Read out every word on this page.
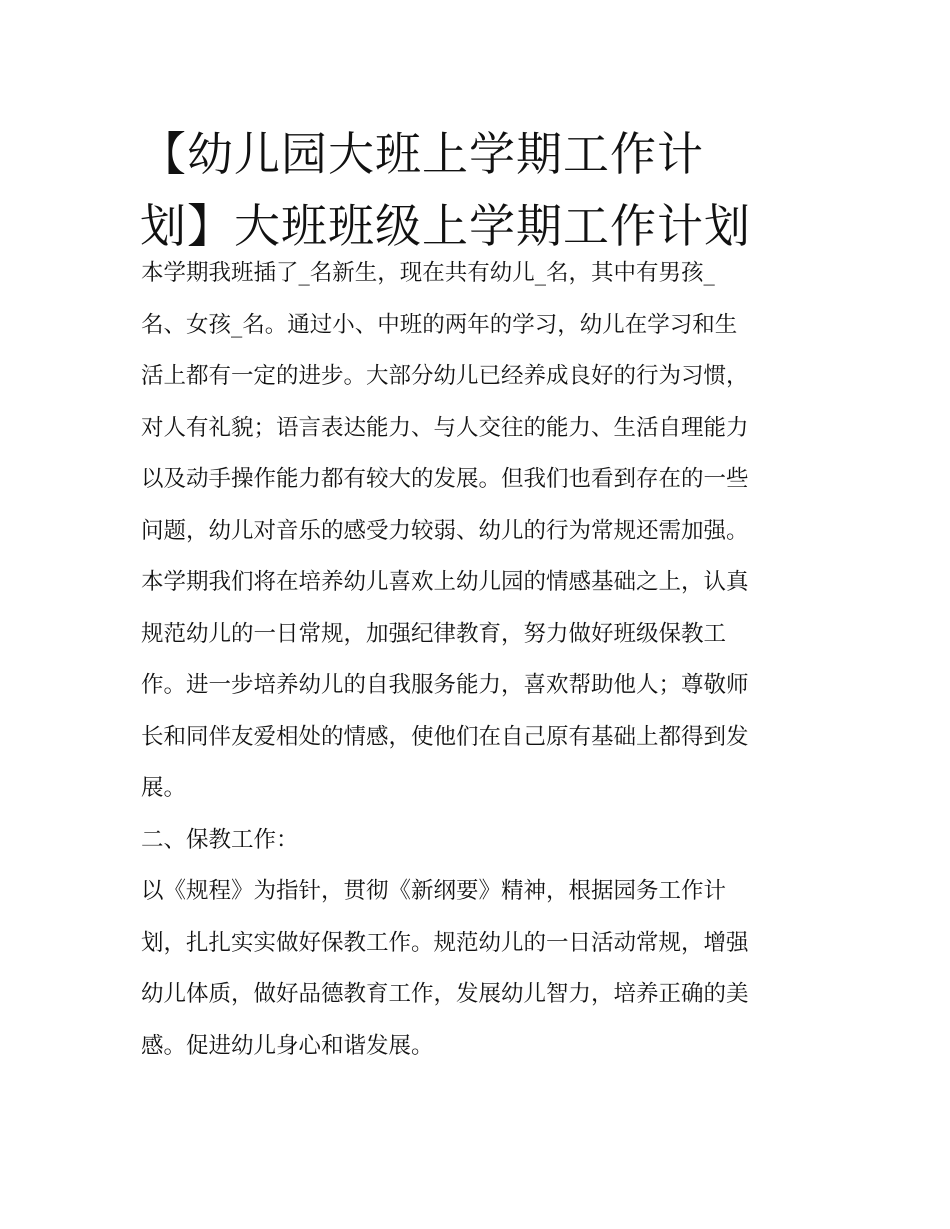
【幼儿园大班上学期工作计
划】大班班级上学期工作计划
本学期我班插了_名新生，现在共有幼儿_名，其中有男孩_
名、女孩_名。通过小、中班的两年的学习，幼儿在学习和生
活上都有一定的进步。大部分幼儿已经养成良好的行为习惯，
对人有礼貌；语言表达能力、与人交往的能力、生活自理能力
以及动手操作能力都有较大的发展。但我们也看到存在的一些
问题，幼儿对音乐的感受力较弱、幼儿的行为常规还需加强。
本学期我们将在培养幼儿喜欢上幼儿园的情感基础之上，认真
规范幼儿的一日常规，加强纪律教育，努力做好班级保教工
作。进一步培养幼儿的自我服务能力，喜欢帮助他人；尊敬师
长和同伴友爱相处的情感，使他们在自己原有基础上都得到发
展。
二、保教工作：
以《规程》为指针，贯彻《新纲要》精神，根据园务工作计
划，扎扎实实做好保教工作。规范幼儿的一日活动常规，增强
幼儿体质，做好品德教育工作，发展幼儿智力，培养正确的美
感。促进幼儿身心和谐发展。
